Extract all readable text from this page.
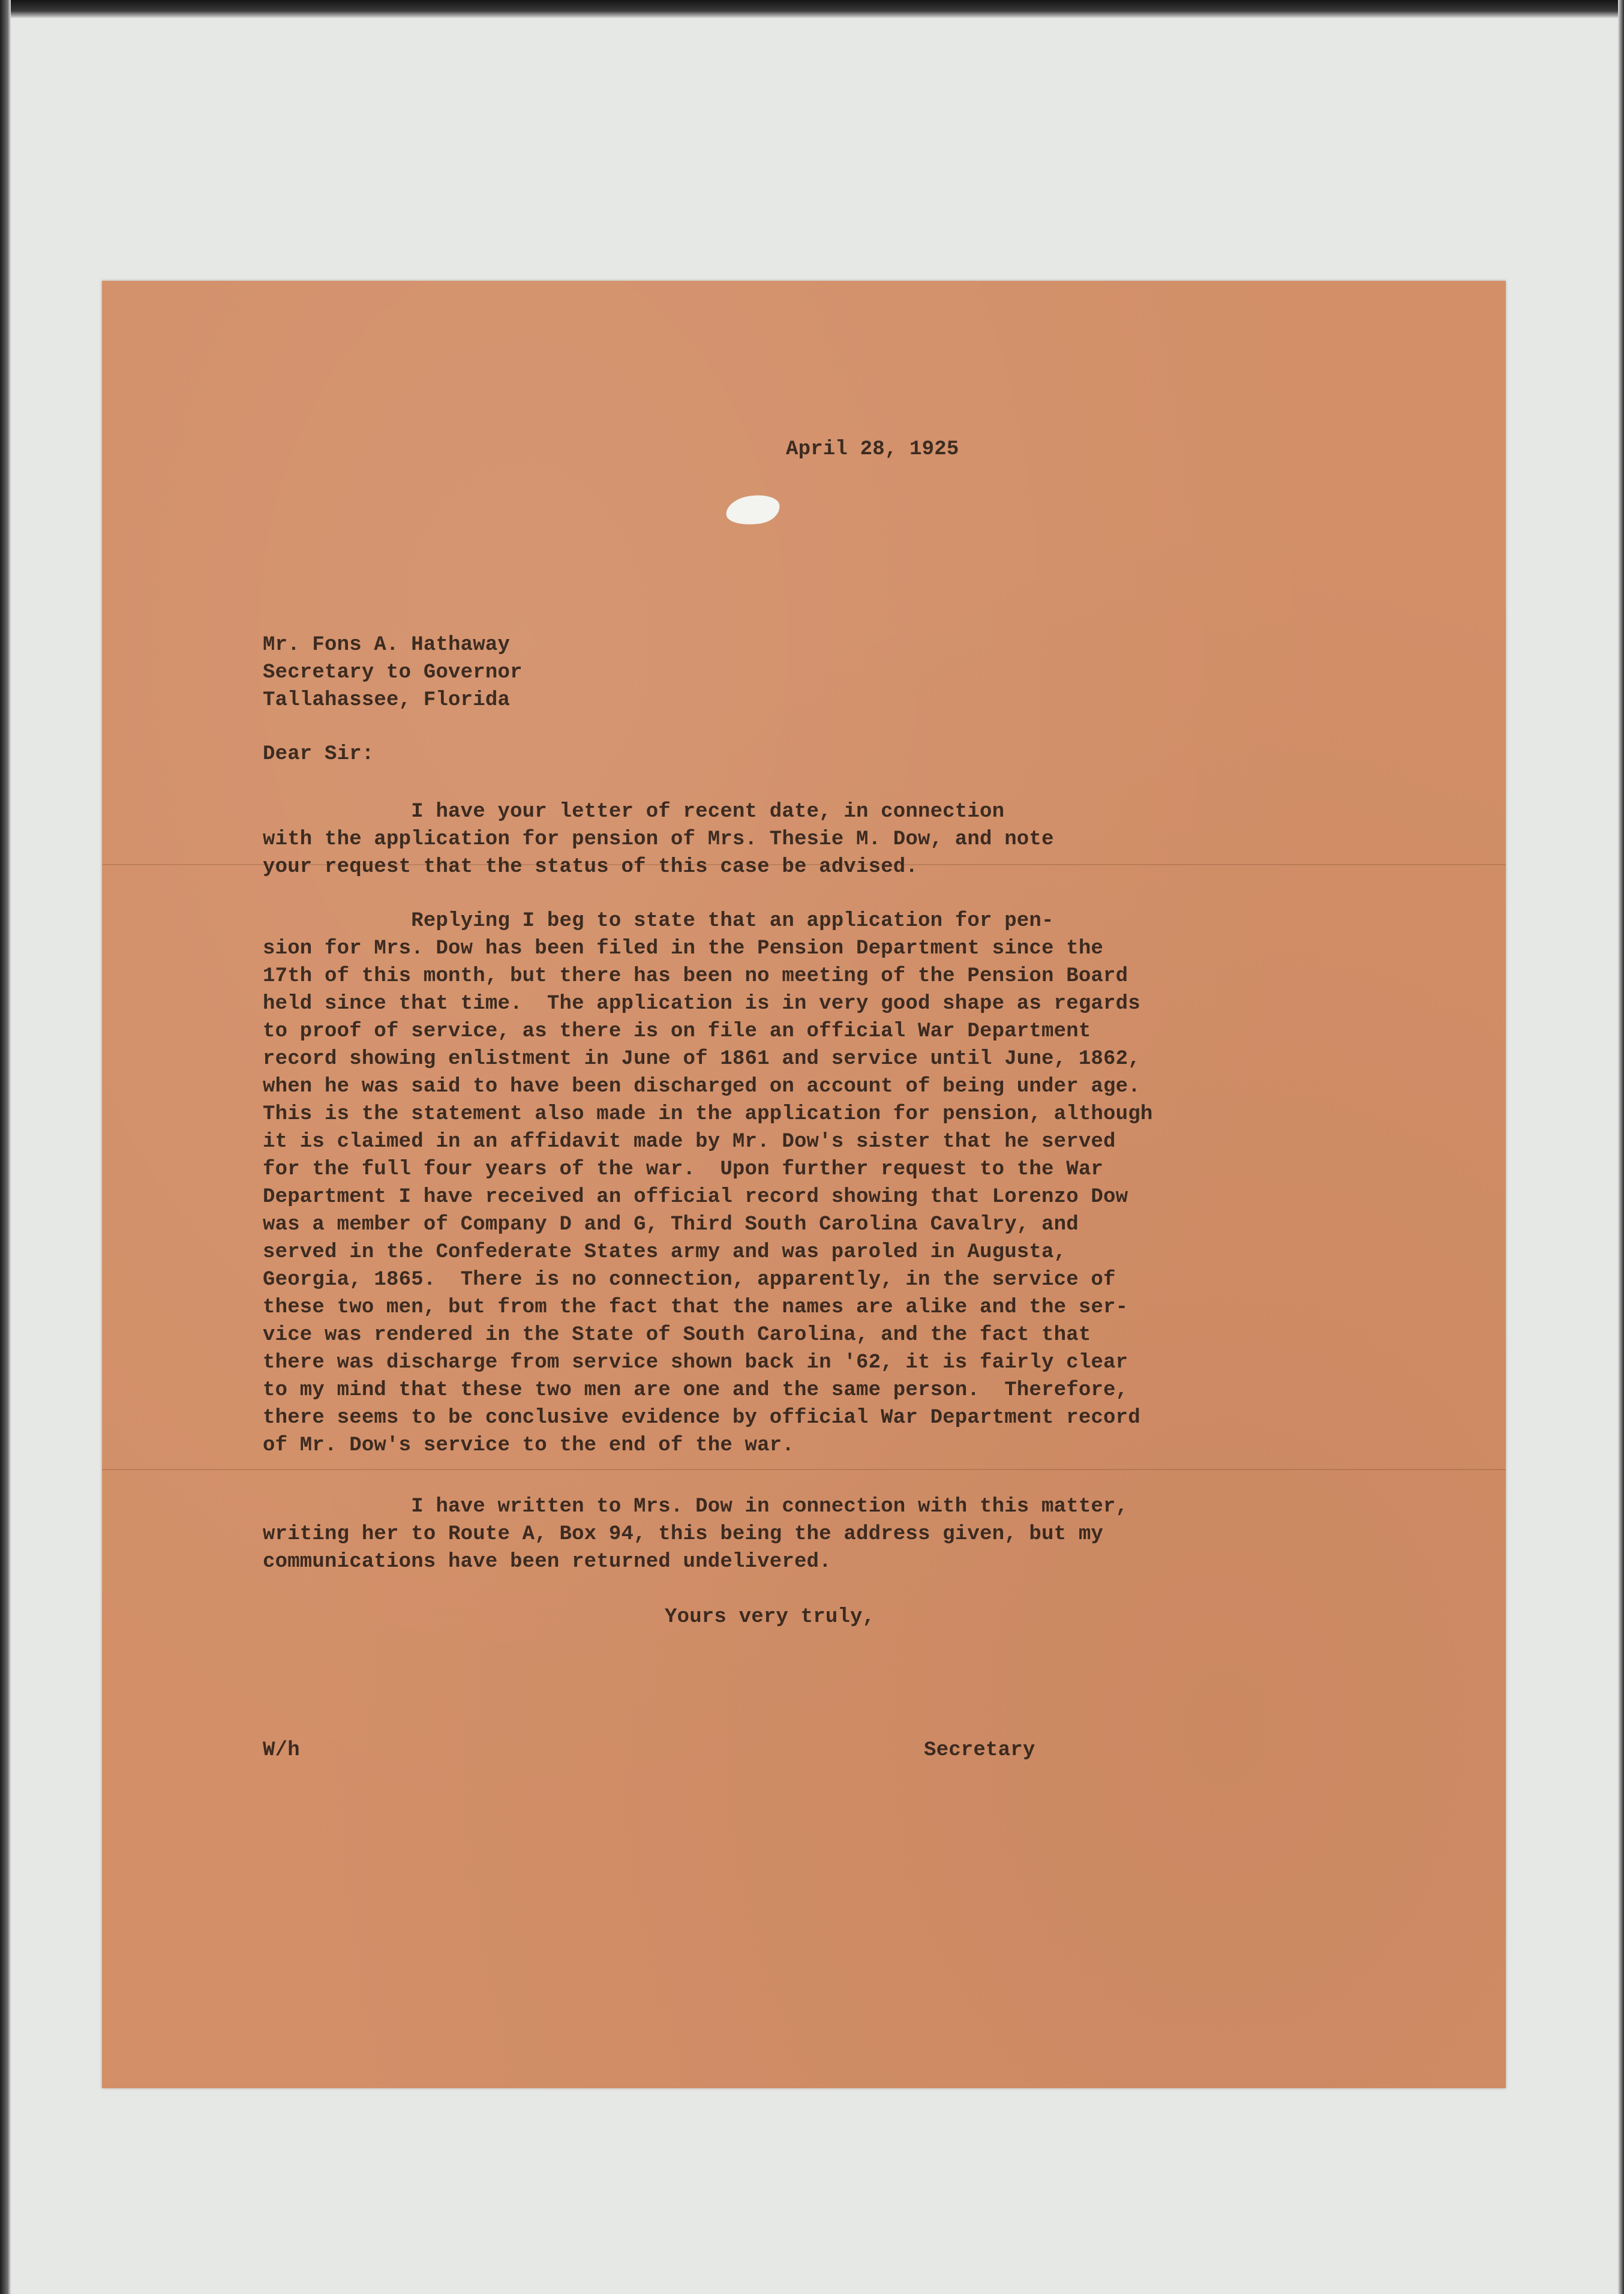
April 28, 1925
Mr. Fons A. Hathaway
Secretary to Governor
Tallahassee, Florida
Dear Sir:
I have your letter of recent date, in connection
with the application for pension of Mrs. Thesie M. Dow, and note
your request that the status of this case be advised.
Replying I beg to state that an application for pen-
sion for Mrs. Dow has been filed in the Pension Department since the
17th of this month, but there has been no meeting of the Pension Board
held since that time.  The application is in very good shape as regards
to proof of service, as there is on file an official War Department
record showing enlistment in June of 1861 and service until June, 1862,
when he was said to have been discharged on account of being under age.
This is the statement also made in the application for pension, although
it is claimed in an affidavit made by Mr. Dow's sister that he served
for the full four years of the war.  Upon further request to the War
Department I have received an official record showing that Lorenzo Dow
was a member of Company D and G, Third South Carolina Cavalry, and
served in the Confederate States army and was paroled in Augusta,
Georgia, 1865.  There is no connection, apparently, in the service of
these two men, but from the fact that the names are alike and the ser-
vice was rendered in the State of South Carolina, and the fact that
there was discharge from service shown back in '62, it is fairly clear
to my mind that these two men are one and the same person.  Therefore,
there seems to be conclusive evidence by official War Department record
of Mr. Dow's service to the end of the war.
I have written to Mrs. Dow in connection with this matter,
writing her to Route A, Box 94, this being the address given, but my
communications have been returned undelivered.
Yours very truly,
W/h	Secretary
